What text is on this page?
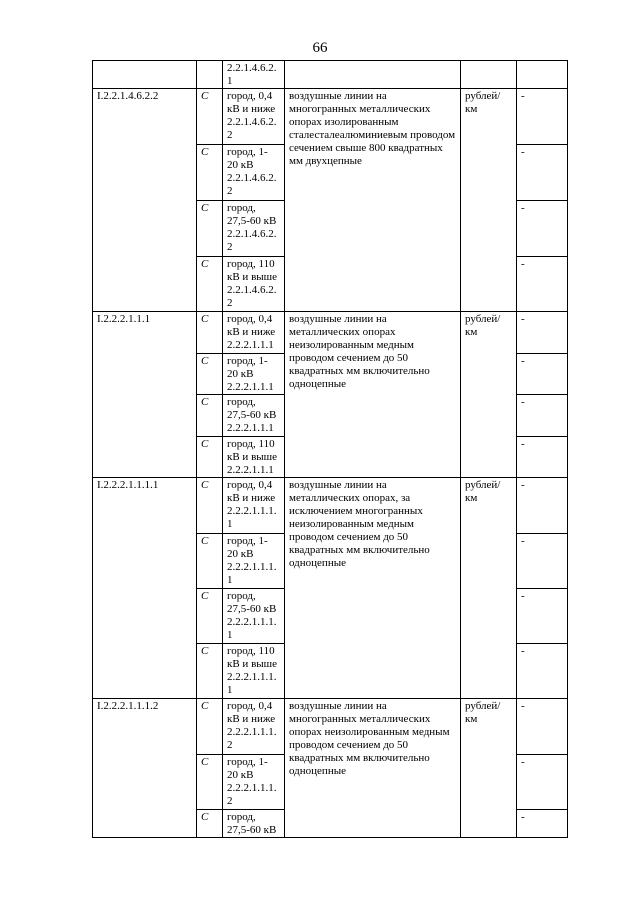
66
		2.2.1.4.6.2.
1			
I.2.2.1.4.6.2.2	C	город, 0,4
кВ и ниже
2.2.1.4.6.2.
2	воздушные линии на многогранных металлических опорах изолированным сталесталеалюминиевым проводом сечением свыше 800 квадратных мм двухцепные	рублей/
км	-
	C	город, 1-
20 кВ
2.2.1.4.6.2.
2			-
	C	город,
27,5-60 кВ
2.2.1.4.6.2.
2			-
	C	город, 110
кВ и выше
2.2.1.4.6.2.
2			-
I.2.2.2.1.1.1	C	город, 0,4
кВ и ниже
2.2.2.1.1.1	воздушные линии на металлических опорах неизолированным медным проводом сечением до 50 квадратных мм включительно одноцепные	рублей/
км	-
	C	город, 1-
20 кВ
2.2.2.1.1.1			-
	C	город,
27,5-60 кВ
2.2.2.1.1.1			-
	C	город, 110
кВ и выше
2.2.2.1.1.1			-
I.2.2.2.1.1.1.1	C	город, 0,4
кВ и ниже
2.2.2.1.1.1.
1	воздушные линии на металлических опорах, за исключением многогранных неизолированным медным проводом сечением до 50 квадратных мм включительно одноцепные	рублей/
км	-
	C	город, 1-
20 кВ
2.2.2.1.1.1.
1			-
	C	город,
27,5-60 кВ
2.2.2.1.1.1.
1			-
	C	город, 110
кВ и выше
2.2.2.1.1.1.
1			-
I.2.2.2.1.1.1.2	C	город, 0,4
кВ и ниже
2.2.2.1.1.1.
2	воздушные линии на многогранных металлических опорах неизолированным медным проводом сечением до 50 квадратных мм включительно одноцепные	рублей/
км	-
	C	город, 1-
20 кВ
2.2.2.1.1.1.
2			-
	C	город,
27,5-60 кВ			-
